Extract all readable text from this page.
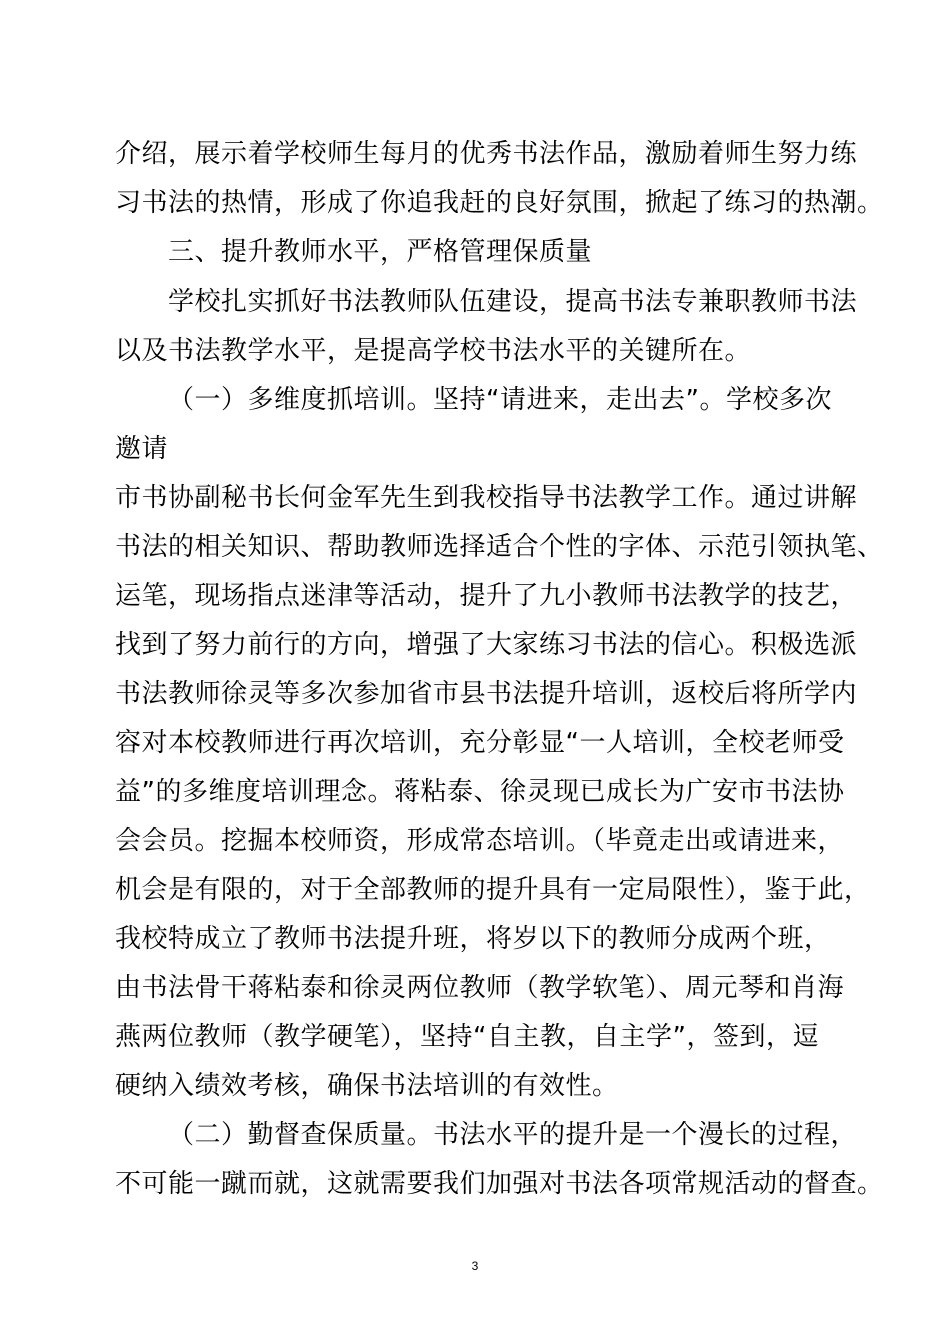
介绍，展示着学校师生每月的优秀书法作品，激励着师生努力练
习书法的热情，形成了你追我赶的良好氛围，掀起了练习的热潮。
三、提升教师水平，严格管理保质量
学校扎实抓好书法教师队伍建设，提高书法专兼职教师书法
以及书法教学水平，是提高学校书法水平的关键所在。
（一）多维度抓培训。坚持“请进来，走出去”。学校多次
邀请
市书协副秘书长何金军先生到我校指导书法教学工作。通过讲解
书法的相关知识、帮助教师选择适合个性的字体、示范引领执笔、
运笔，现场指点迷津等活动，提升了九小教师书法教学的技艺，
找到了努力前行的方向，增强了大家练习书法的信心。积极选派
书法教师徐灵等多次参加省市县书法提升培训，返校后将所学内
容对本校教师进行再次培训，充分彰显“一人培训，全校老师受
益”的多维度培训理念。蒋粘泰、徐灵现已成长为广安市书法协
会会员。挖掘本校师资，形成常态培训。（毕竟走出或请进来，
机会是有限的，对于全部教师的提升具有一定局限性），鉴于此，
我校特成立了教师书法提升班，将岁以下的教师分成两个班，
由书法骨干蒋粘泰和徐灵两位教师（教学软笔）、周元琴和肖海
燕两位教师（教学硬笔），坚持“自主教，自主学”，签到，逗
硬纳入绩效考核，确保书法培训的有效性。
（二）勤督查保质量。书法水平的提升是一个漫长的过程，
不可能一蹴而就，这就需要我们加强对书法各项常规活动的督查。
3
